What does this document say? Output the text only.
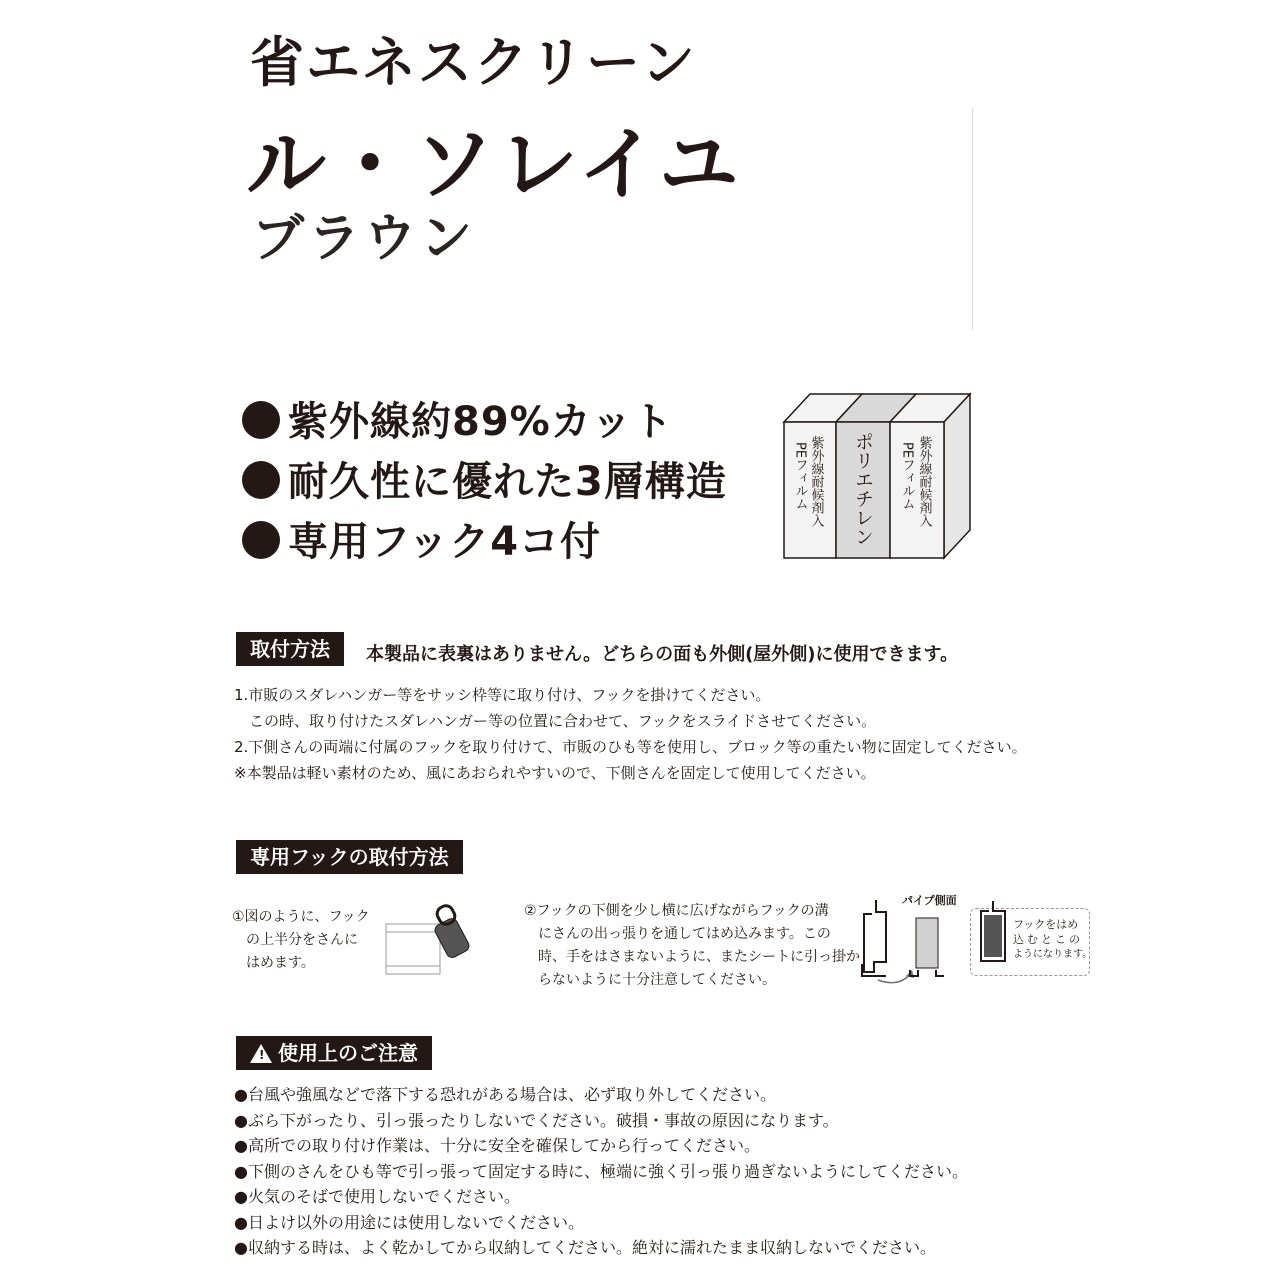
省エネスクリーン
ル・ソレイユ
ブラウン
紫外線約89%カット
耐久性に優れた3層構造
専用フック4コ付
紫外線耐候剤入
PEフィルム ポリエチレン	紫外線耐候剤入
PEフィルム
取付方法	本製品に表裏はありません。どちらの面も外側(屋外側)に使用できます。
1.市販のスダレハンガー等をサッシ枠等に取り付け、フックを掛けてください。
　この時、取り付けたスダレハンガー等の位置に合わせて、フックをスライドさせてください。
2.下側さんの両端に付属のフックを取り付けて、市販のひも等を使用し、ブロック等の重たい物に固定してください。
※本製品は軽い素材のため、風にあおられやすいので、下側さんを固定して使用してください。
専用フックの取付方法
①図のように、フック
　の上半分をさんに
　はめます。
②フックの下側を少し横に広げながらフックの溝
　にさんの出っ張りを通してはめ込みます。この
　時、手をはさまないように、またシートに引っ掛か
　らないように十分注意してください。
パイプ側面
フックをはめ
込むとこの
ようになります。
! 使用上のご注意
●台風や強風などで落下する恐れがある場合は、必ず取り外してください。
●ぶら下がったり、引っ張ったりしないでください。破損・事故の原因になります。
●高所での取り付け作業は、十分に安全を確保してから行ってください。
●下側のさんをひも等で引っ張って固定する時に、極端に強く引っ張り過ぎないようにしてください。
●火気のそばで使用しないでください。
●日よけ以外の用途には使用しないでください。
●収納する時は、よく乾かしてから収納してください。絶対に濡れたまま収納しないでください。
